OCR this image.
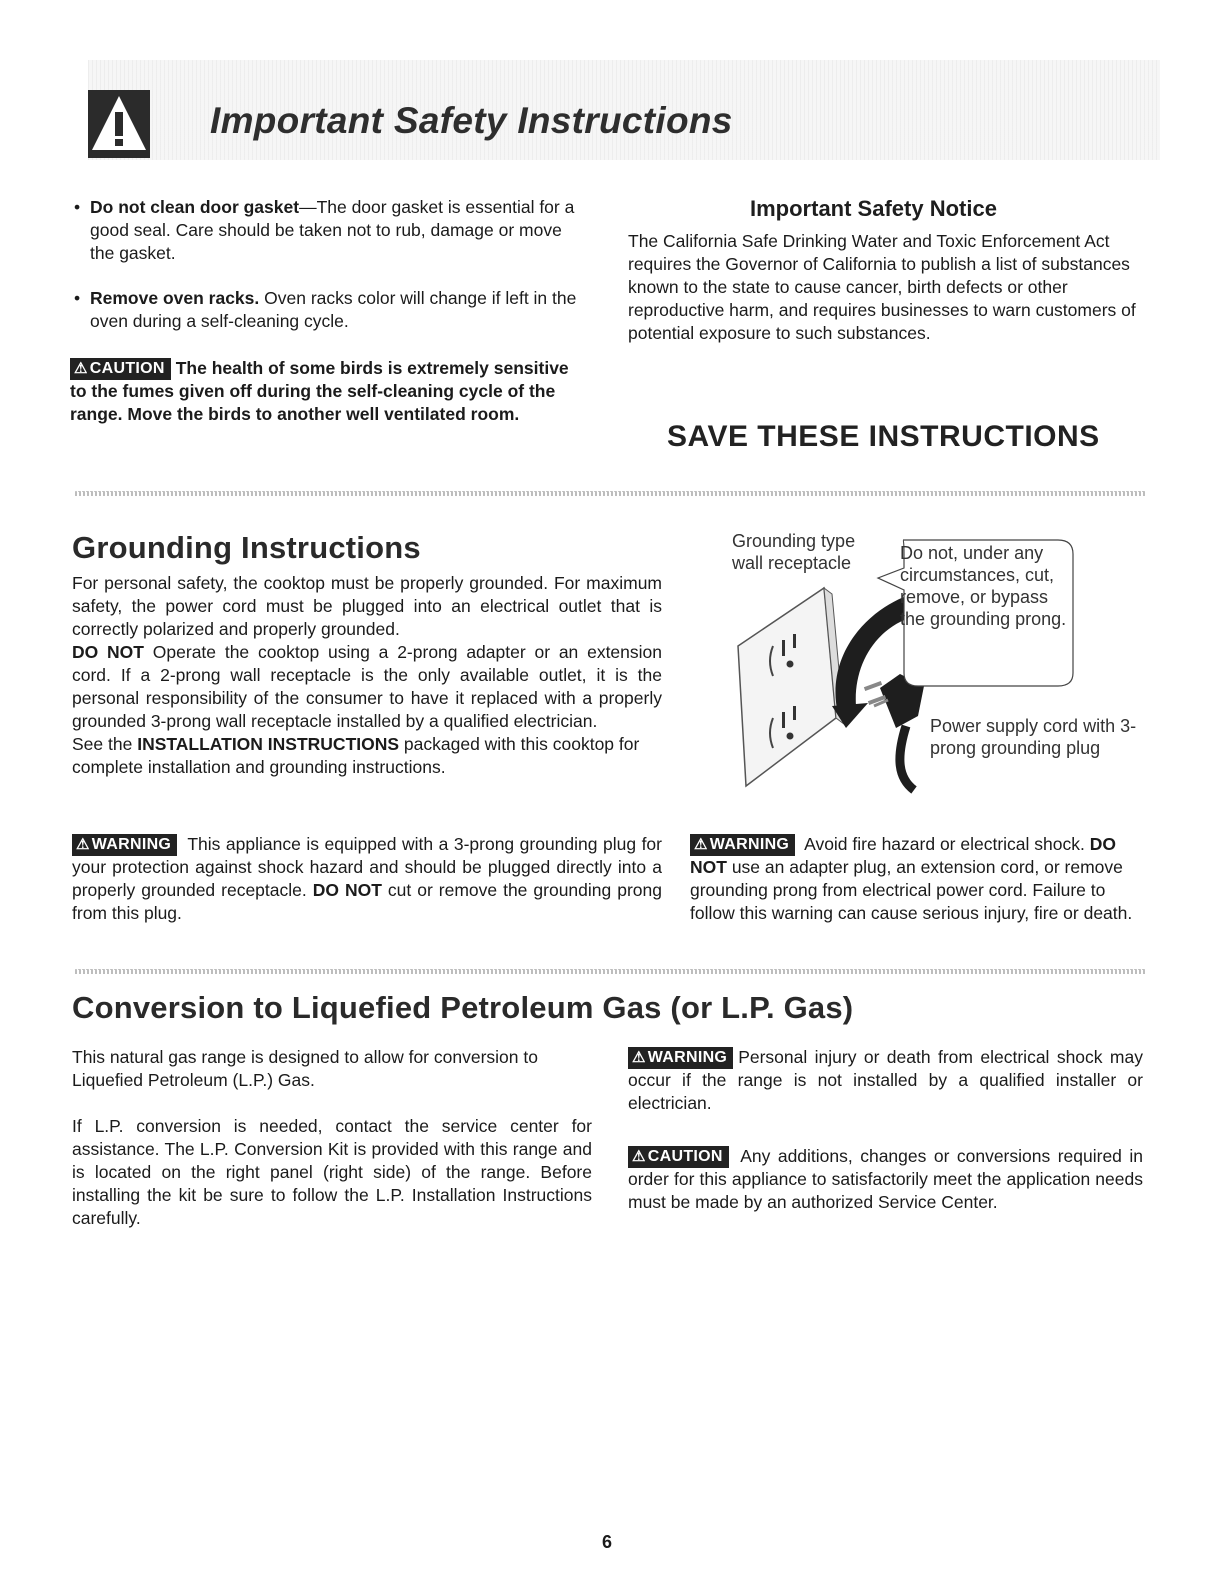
Important Safety Instructions

• Do not clean door gasket—The door gasket is essential for a good seal. Care should be taken not to rub, damage or move the gasket.

• Remove oven racks. Oven racks color will change if left in the oven during a self-cleaning cycle.

⚠ CAUTION The health of some birds is extremely sensitive to the fumes given off during the self-cleaning cycle of the range. Move the birds to another well ventilated room.

Important Safety Notice

The California Safe Drinking Water and Toxic Enforcement Act requires the Governor of California to publish a list of substances known to the state to cause cancer, birth defects or other reproductive harm, and requires businesses to warn customers of potential exposure to such substances.

SAVE THESE INSTRUCTIONS
Grounding Instructions

For personal safety, the cooktop must be properly grounded. For maximum safety, the power cord must be plugged into an electrical outlet that is correctly polarized and properly grounded.

DO NOT Operate the cooktop using a 2-prong adapter or an extension cord. If a 2-prong wall receptacle is the only available outlet, it is the personal responsibility of the consumer to have it replaced with a properly grounded 3-prong wall receptacle installed by a qualified electrician.

See the INSTALLATION INSTRUCTIONS packaged with this cooktop for complete installation and grounding instructions.

Grounding type wall receptacle	Do not, under any circumstances, cut, remove, or bypass the grounding prong.
Power supply cord with 3-prong grounding plug

⚠ WARNING This appliance is equipped with a 3-prong grounding plug for your protection against shock hazard and should be plugged directly into a properly grounded receptacle. DO NOT cut or remove the grounding prong from this plug.

⚠ WARNING Avoid fire hazard or electrical shock. DO NOT use an adapter plug, an extension cord, or remove grounding prong from electrical power cord. Failure to follow this warning can cause serious injury, fire or death.

Conversion to Liquefied Petroleum Gas (or L.P. Gas)

This natural gas range is designed to allow for conversion to Liquefied Petroleum (L.P.) Gas.

If L.P. conversion is needed, contact the service center for assistance. The L.P. Conversion Kit is provided with this range and is located on the right panel (right side) of the range. Before installing the kit be sure to follow the L.P. Installation Instructions carefully.

⚠ WARNING Personal injury or death from electrical shock may occur if the range is not installed by a qualified installer or electrician.

⚠ CAUTION Any additions, changes or conversions required in order for this appliance to satisfactorily meet the application needs must be made by an authorized Service Center.

6
